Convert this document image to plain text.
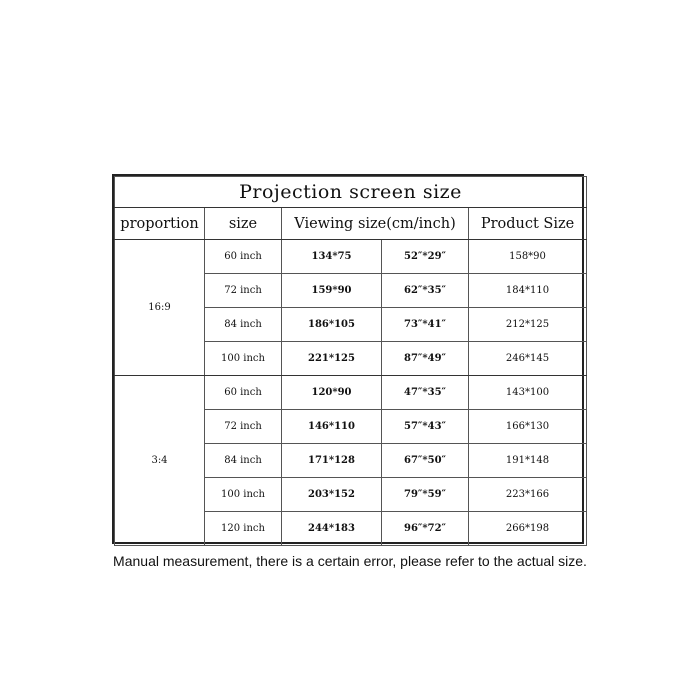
Projection screen size				
proportion	size	Viewing size(cm/inch)		Product Size
16:9	60 inch	134*75	52″*29″	158*90
	72 inch	159*90	62″*35″	184*110
	84 inch	186*105	73″*41″	212*125
	100 inch	221*125	87″*49″	246*145
3:4	60 inch	120*90	47″*35″	143*100
	72 inch	146*110	57″*43″	166*130
	84 inch	171*128	67″*50″	191*148
	100 inch	203*152	79″*59″	223*166
	120 inch	244*183	96″*72″	266*198
Manual measurement, there is a certain error, please refer to the actual size.
